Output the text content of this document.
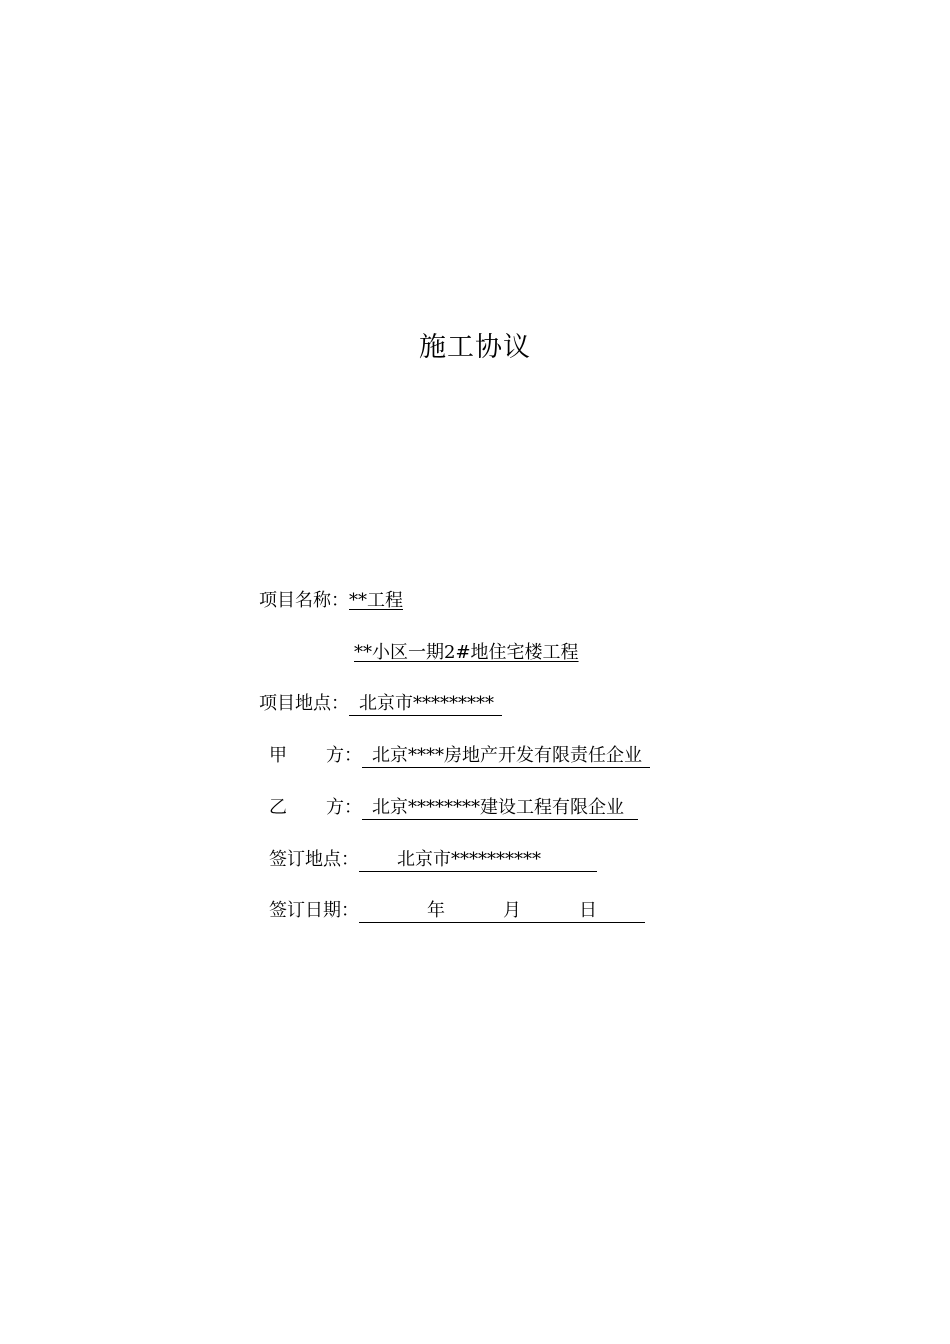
施工协议
项目名称：**工程
**小区一期2#地住宅楼工程
项目地点： 北京市*********
甲 方： 北京****房地产开发有限责任企业
乙 方： 北京********建设工程有限企业
签订地点： 北京市**********
签订日期：	年	月	日
